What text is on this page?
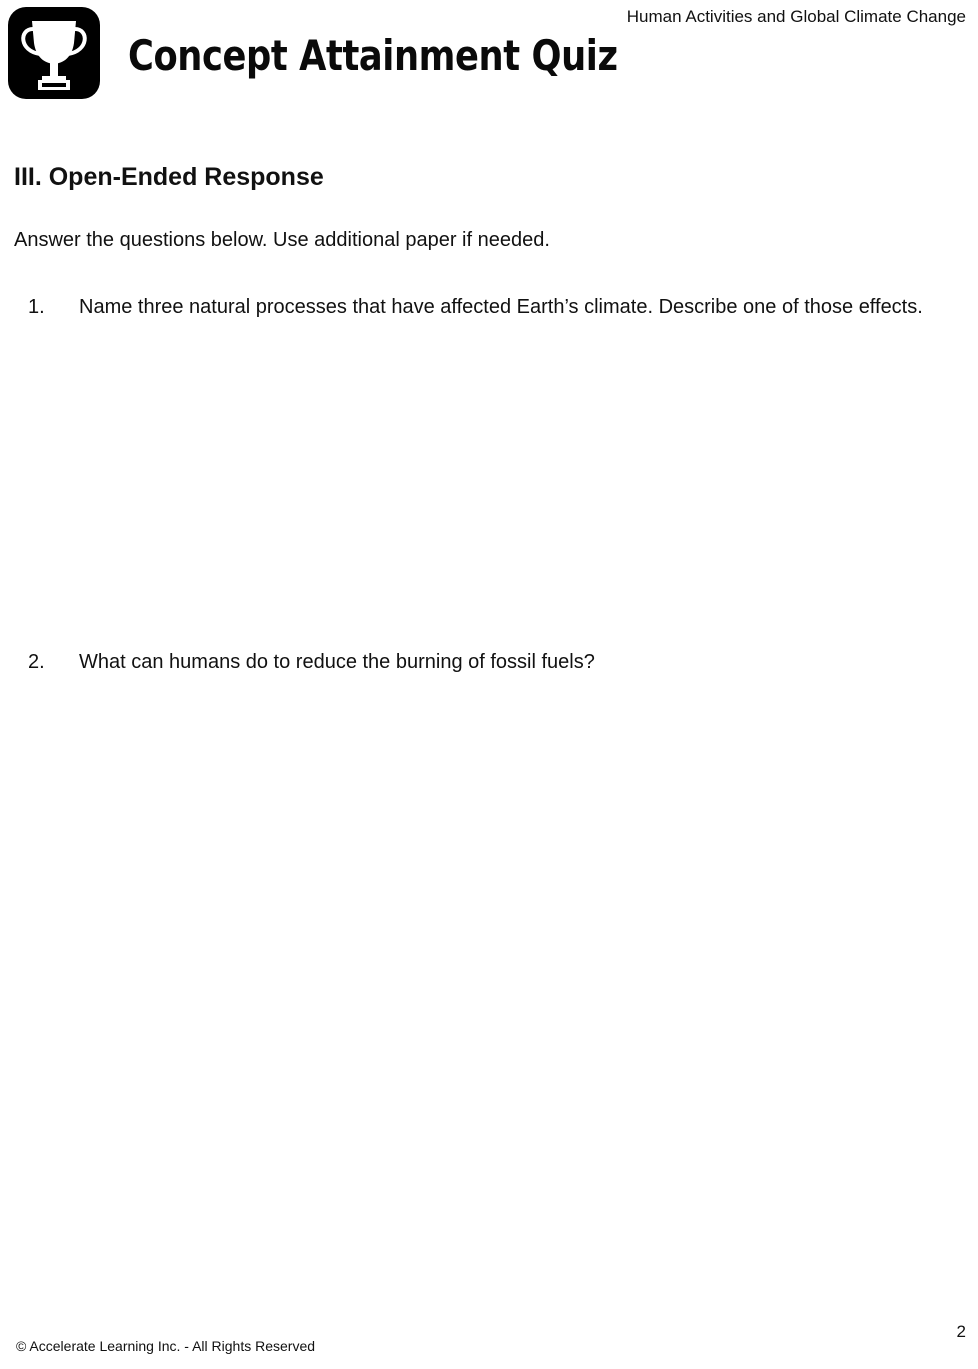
Concept Attainment Quiz
Human Activities and Global Climate Change
III. Open-Ended Response

Answer the questions below. Use additional paper if needed.

1. Name three natural processes that have affected Earth’s climate. Describe one of those effects.
2. What can humans do to reduce the burning of fossil fuels?
© Accelerate Learning Inc. - All Rights Reserved
2
